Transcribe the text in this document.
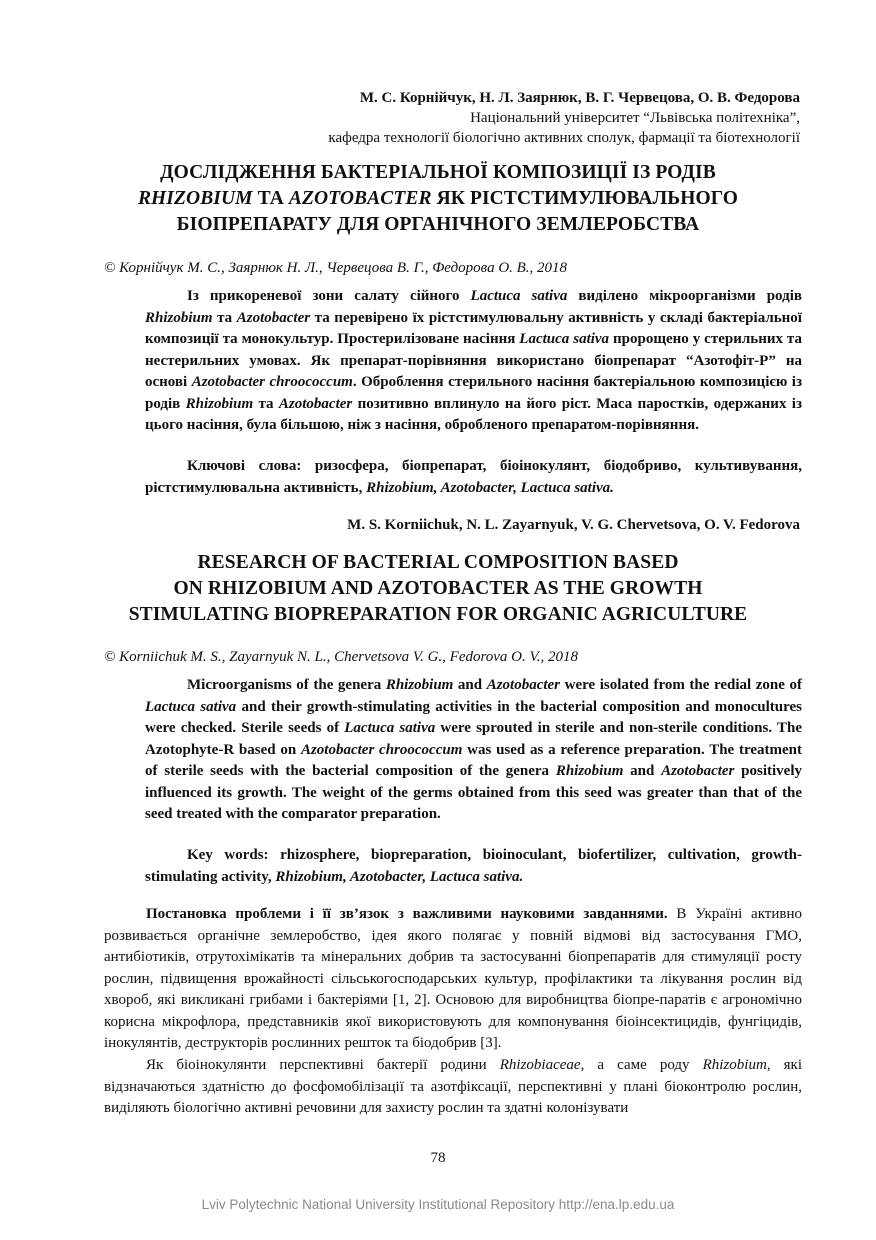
М. С. Корнійчук, Н. Л. Заярнюк, В. Г. Червецова, О. В. Федорова
Національний університет “Львівська політехніка”,
кафедра технології біологічно активних сполук, фармації та біотехнології
ДОСЛІДЖЕННЯ БАКТЕРІАЛЬНОЇ КОМПОЗИЦІЇ ІЗ РОДІВ
RHIZOBIUM ТА AZOTOBACTER ЯК РІСТСТИМУЛЮВАЛЬНОГО
БІОПРЕПАРАТУ ДЛЯ ОРГАНІЧНОГО ЗЕМЛЕРОБСТВА
© Корнійчук М. С., Заярнюк Н. Л., Червецова В. Г., Федорова О. В., 2018
Із прикореневої зони салату сійного Lactuca sativa виділено мікроорганізми родів Rhizobium та Azotobacter та перевірено їх рістстимулювальну активність у складі бактеріальної композиції та монокультур. Простерилізоване насіння Lactuca sativa пророщено у стерильних та нестерильних умовах. Як препарат-порівняння використано біопрепарат “Азотофіт-Р” на основі Azotobacter chroococcum. Оброблення стерильного насіння бактеріальною композицією із родів Rhizobium та Azotobacter позитивно вплинуло на його ріст. Маса паростків, одержаних із цього насіння, була більшою, ніж з насіння, обробленого препаратом-порівняння.
Ключові слова: ризосфера, біопрепарат, біоінокулянт, біодобриво, культивування, рістстимулювальна активність, Rhizobium, Azotobacter, Lactuca sativa.
M. S. Korniichuk, N. L. Zayarnyuk, V. G. Chervetsova, O. V. Fedorova
RESEARCH OF BACTERIAL COMPOSITION BASED
ON RHIZOBIUM AND AZOTOBACTER AS THE GROWTH
STIMULATING BIOPREPARATION FOR ORGANIC AGRICULTURE
© Korniichuk M. S., Zayarnyuk N. L., Chervetsova V. G., Fedorova O. V., 2018
Microorganisms of the genera Rhizobium and Azotobacter were isolated from the redial zone of Lactuca sativa and their growth-stimulating activities in the bacterial composition and monocultures were checked. Sterile seeds of Lactuca sativa were sprouted in sterile and non-sterile conditions. The Azotophyte-R based on Azotobacter chroococcum was used as a reference preparation. The treatment of sterile seeds with the bacterial composition of the genera Rhizobium and Azotobacter positively influenced its growth. The weight of the germs obtained from this seed was greater than that of the seed treated with the comparator preparation.
Key words: rhizosphere, biopreparation, bioinoculant, biofertilizer, cultivation, growth-stimulating activity, Rhizobium, Azotobacter, Lactuca sativa.
Постановка проблеми і її зв’язок з важливими науковими завданнями. В Україні активно розвивається органічне землеробство, ідея якого полягає у повній відмові від застосування ГМО, антибіотиків, отрутохімікатів та мінеральних добрив та застосуванні біопрепаратів для стимуляції росту рослин, підвищення врожайності сільськогосподарських культур, профілактики та лікування рослин від хвороб, які викликані грибами і бактеріями [1, 2]. Основою для виробництва біопре-паратів є агрономічно корисна мікрофлора, представників якої використовують для компонування біоінсектицидів, фунгіцидів, інокулянтів, деструкторів рослинних решток та біодобрив [3].
Як біоінокулянти перспективні бактерії родини Rhizobiaceae, а саме роду Rhizobium, які відзначаються здатністю до фосфомобілізації та азотфіксації, перспективні у плані біоконтролю рослин, виділяють біологічно активні речовини для захисту рослин та здатні колонізувати
78
Lviv Polytechnic National University Institutional Repository http://ena.lp.edu.ua
